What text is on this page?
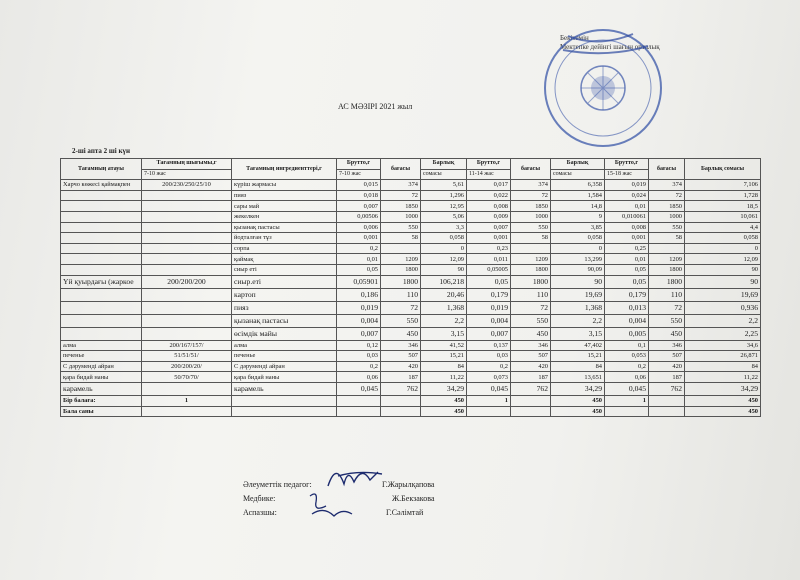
Бекітемін
Мектепке дейінгі шағын орталық
АС МӘЗІРІ 2021 жыл
2-ші апта 2 ші күн
Тағамның атауы	Тағамның шығымы,г	Тағамның ингредиенттері,г	Брутто,г	бағасы	Барлық	Брутто,г	бағасы	Барлық	Брутто,г	бағасы	Барлық сомасы
	7-10 жас		7-10 жас		сомасы	11-14 жас		сомасы	15-18 жас		
Харчо көжесі қаймақпен	200/230/250/25/10	күріш жармасы	0,015	374	5,61	0,017	374	6,358	0,019	374	7,106
		пияз	0,018	72	1,296	0,022	72	1,584	0,024	72	1,728
		сары май	0,007	1850	12,95	0,008	1850	14,8	0,01	1850	18,5
		жекелкен	0,00506	1000	5,06	0,009	1000	9	0,010061	1000	10,061
		қызанақ пастасы	0,006	550	3,3	0,007	550	3,85	0,008	550	4,4
		йодталған тұз	0,001	58	0,058	0,001	58	0,058	0,001	58	0,058
		сорпа	0,2		0	0,23		0	0,25		0
		қаймақ	0,01	1209	12,09	0,011	1209	13,299	0,01	1209	12,09
		сиыр еті	0,05	1800	90	0,05005	1800	90,09	0,05	1800	90
Үй қуырдағы (жаркое	200/200/200	сиыр.еті	0,05901	1800	106,218	0,05	1800	90	0,05	1800	90
		картоп	0,186	110	20,46	0,179	110	19,69	0,179	110	19,69
		пияз	0,019	72	1,368	0,019	72	1,368	0,013	72	0,936
		қызанақ пастасы	0,004	550	2,2	0,004	550	2,2	0,004	550	2,2
		өсімдік майы	0,007	450	3,15	0,007	450	3,15	0,005	450	2,25
алма	200/167/157/	алма	0,12	346	41,52	0,137	346	47,402	0,1	346	34,6
печенье	51/51/51/	печенье	0,03	507	15,21	0,03	507	15,21	0,053	507	26,871
С дәруменді айран	200/200/20/	С дәруменді айран	0,2	420	84	0,2	420	84	0,2	420	84
қара бидай наны	50/70/70/	қара бидай наны	0,06	187	11,22	0,073	187	13,651	0,06	187	11,22
карамель		карамель	0,045	762	34,29	0,045	762	34,29	0,045	762	34,29
Бір балаға:	1				450	1		450	1		450
Бала саны					450			450			450
Әлеуметтік педагог:	Г.Жарылқапова
Медбике:	Ж.Бекзакова
Аспазшы:	Г.Сәлімтай
